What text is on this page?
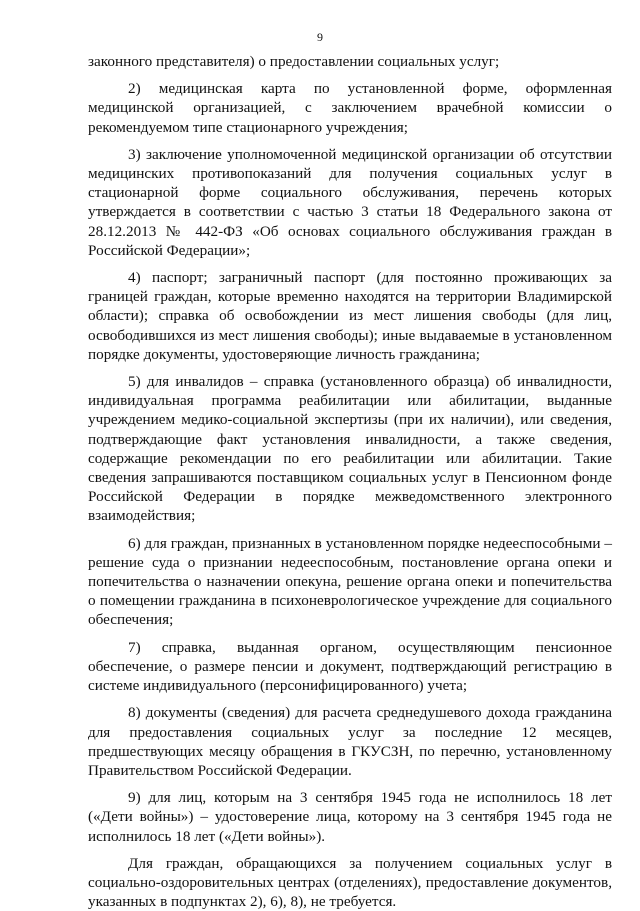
9

законного представителя) о предоставлении социальных услуг;

2) медицинская карта по установленной форме, оформленная медицинской организацией, с заключением врачебной комиссии о рекомендуемом типе стационарного учреждения;

3) заключение уполномоченной медицинской организации об отсутствии медицинских противопоказаний для получения социальных услуг в стационарной форме социального обслуживания, перечень которых утверждается в соответствии с частью 3 статьи 18 Федерального закона от 28.12.2013 № 442-ФЗ «Об основах социального обслуживания граждан в Российской Федерации»;

4) паспорт; заграничный паспорт (для постоянно проживающих за границей граждан, которые временно находятся на территории Владимирской области); справка об освобождении из мест лишения свободы (для лиц, освободившихся из мест лишения свободы); иные выдаваемые в установленном порядке документы, удостоверяющие личность гражданина;

5) для инвалидов – справка (установленного образца) об инвалидности, индивидуальная программа реабилитации или абилитации, выданные учреждением медико-социальной экспертизы (при их наличии), или сведения, подтверждающие факт установления инвалидности, а также сведения, содержащие рекомендации по его реабилитации или абилитации. Такие сведения запрашиваются поставщиком социальных услуг в Пенсионном фонде Российской Федерации в порядке межведомственного электронного взаимодействия;

6) для граждан, признанных в установленном порядке недееспособными – решение суда о признании недееспособным, постановление органа опеки и попечительства о назначении опекуна, решение органа опеки и попечительства о помещении гражданина в психоневрологическое учреждение для социального обеспечения;

7) справка, выданная органом, осуществляющим пенсионное обеспечение, о размере пенсии и документ, подтверждающий регистрацию в системе индивидуального (персонифицированного) учета;

8) документы (сведения) для расчета среднедушевого дохода гражданина для предоставления социальных услуг за последние 12 месяцев, предшествующих месяцу обращения в ГКУСЗН, по перечню, установленному Правительством Российской Федерации.

9) для лиц, которым на 3 сентября 1945 года не исполнилось 18 лет («Дети войны») – удостоверение лица, которому на 3 сентября 1945 года не исполнилось 18 лет («Дети войны»).

Для граждан, обращающихся за получением социальных услуг в социально-оздоровительных центрах (отделениях), предоставление документов, указанных в подпунктах 2), 6), 8), не требуется.
